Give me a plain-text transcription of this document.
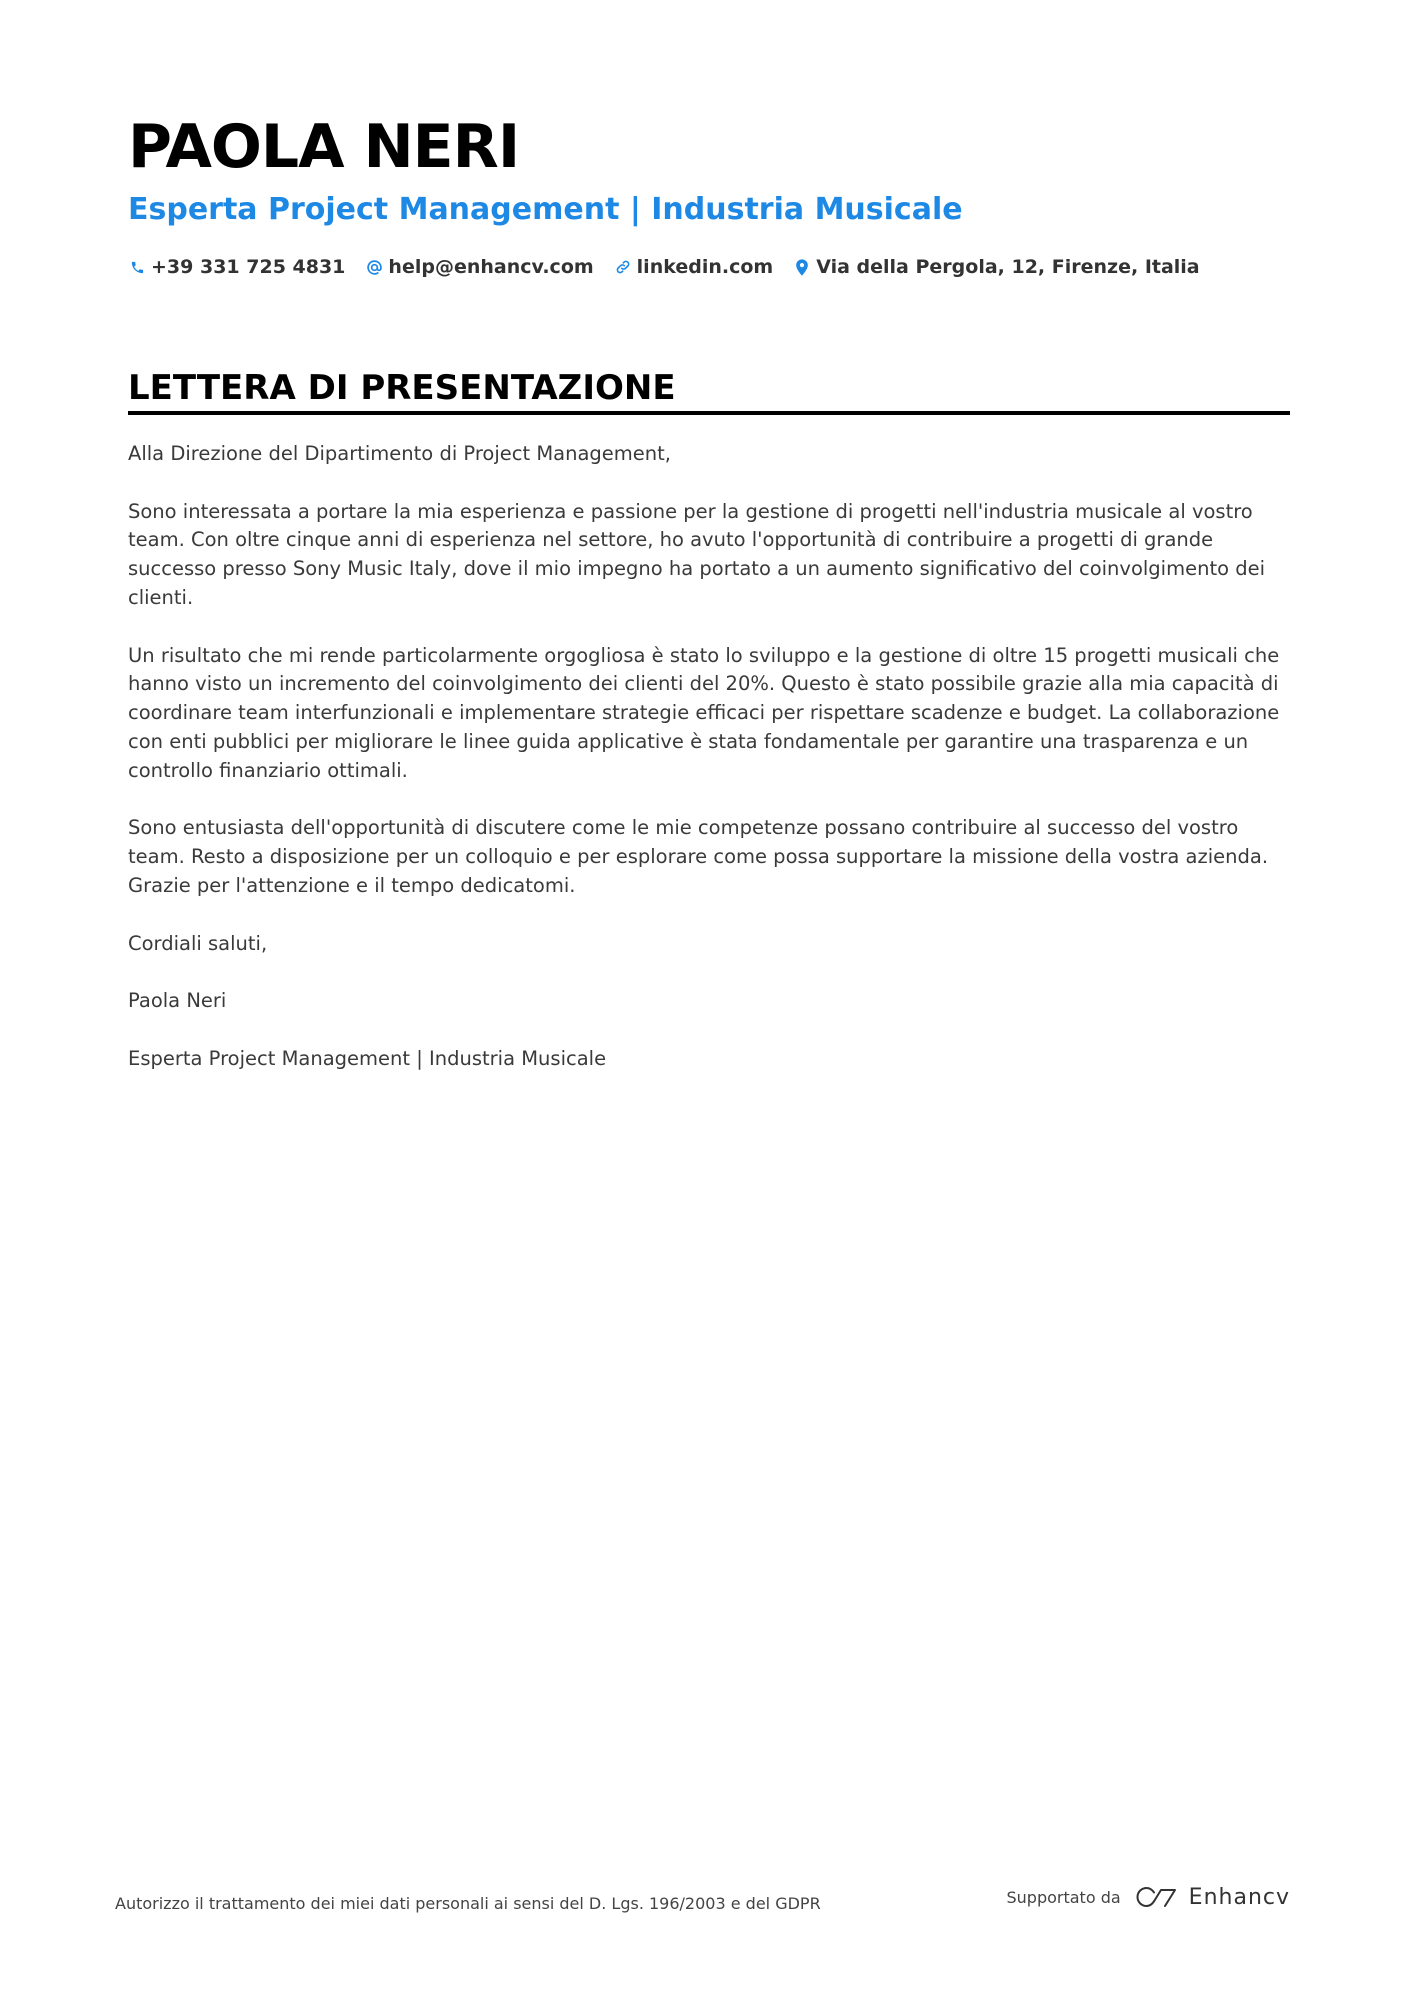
PAOLA NERI
Esperta Project Management | Industria Musicale
+39 331 725 4831 help@enhancv.com linkedin.com Via della Pergola, 12, Firenze, Italia
LETTERA DI PRESENTAZIONE

Alla Direzione del Dipartimento di Project Management,

Sono interessata a portare la mia esperienza e passione per la gestione di progetti nell'industria musicale al vostro team. Con oltre cinque anni di esperienza nel settore, ho avuto l'opportunità di contribuire a progetti di grande successo presso Sony Music Italy, dove il mio impegno ha portato a un aumento significativo del coinvolgimento dei clienti.

Un risultato che mi rende particolarmente orgogliosa è stato lo sviluppo e la gestione di oltre 15 progetti musicali che hanno visto un incremento del coinvolgimento dei clienti del 20%. Questo è stato possibile grazie alla mia capacità di coordinare team interfunzionali e implementare strategie efficaci per rispettare scadenze e budget. La collaborazione con enti pubblici per migliorare le linee guida applicative è stata fondamentale per garantire una trasparenza e un controllo finanziario ottimali.

Sono entusiasta dell'opportunità di discutere come le mie competenze possano contribuire al successo del vostro team. Resto a disposizione per un colloquio e per esplorare come possa supportare la missione della vostra azienda. Grazie per l'attenzione e il tempo dedicatomi.

Cordiali saluti,

Paola Neri

Esperta Project Management | Industria Musicale

Autorizzo il trattamento dei miei dati personali ai sensi del D. Lgs. 196/2003 e del GDPR	Supportato da	Enhancv
